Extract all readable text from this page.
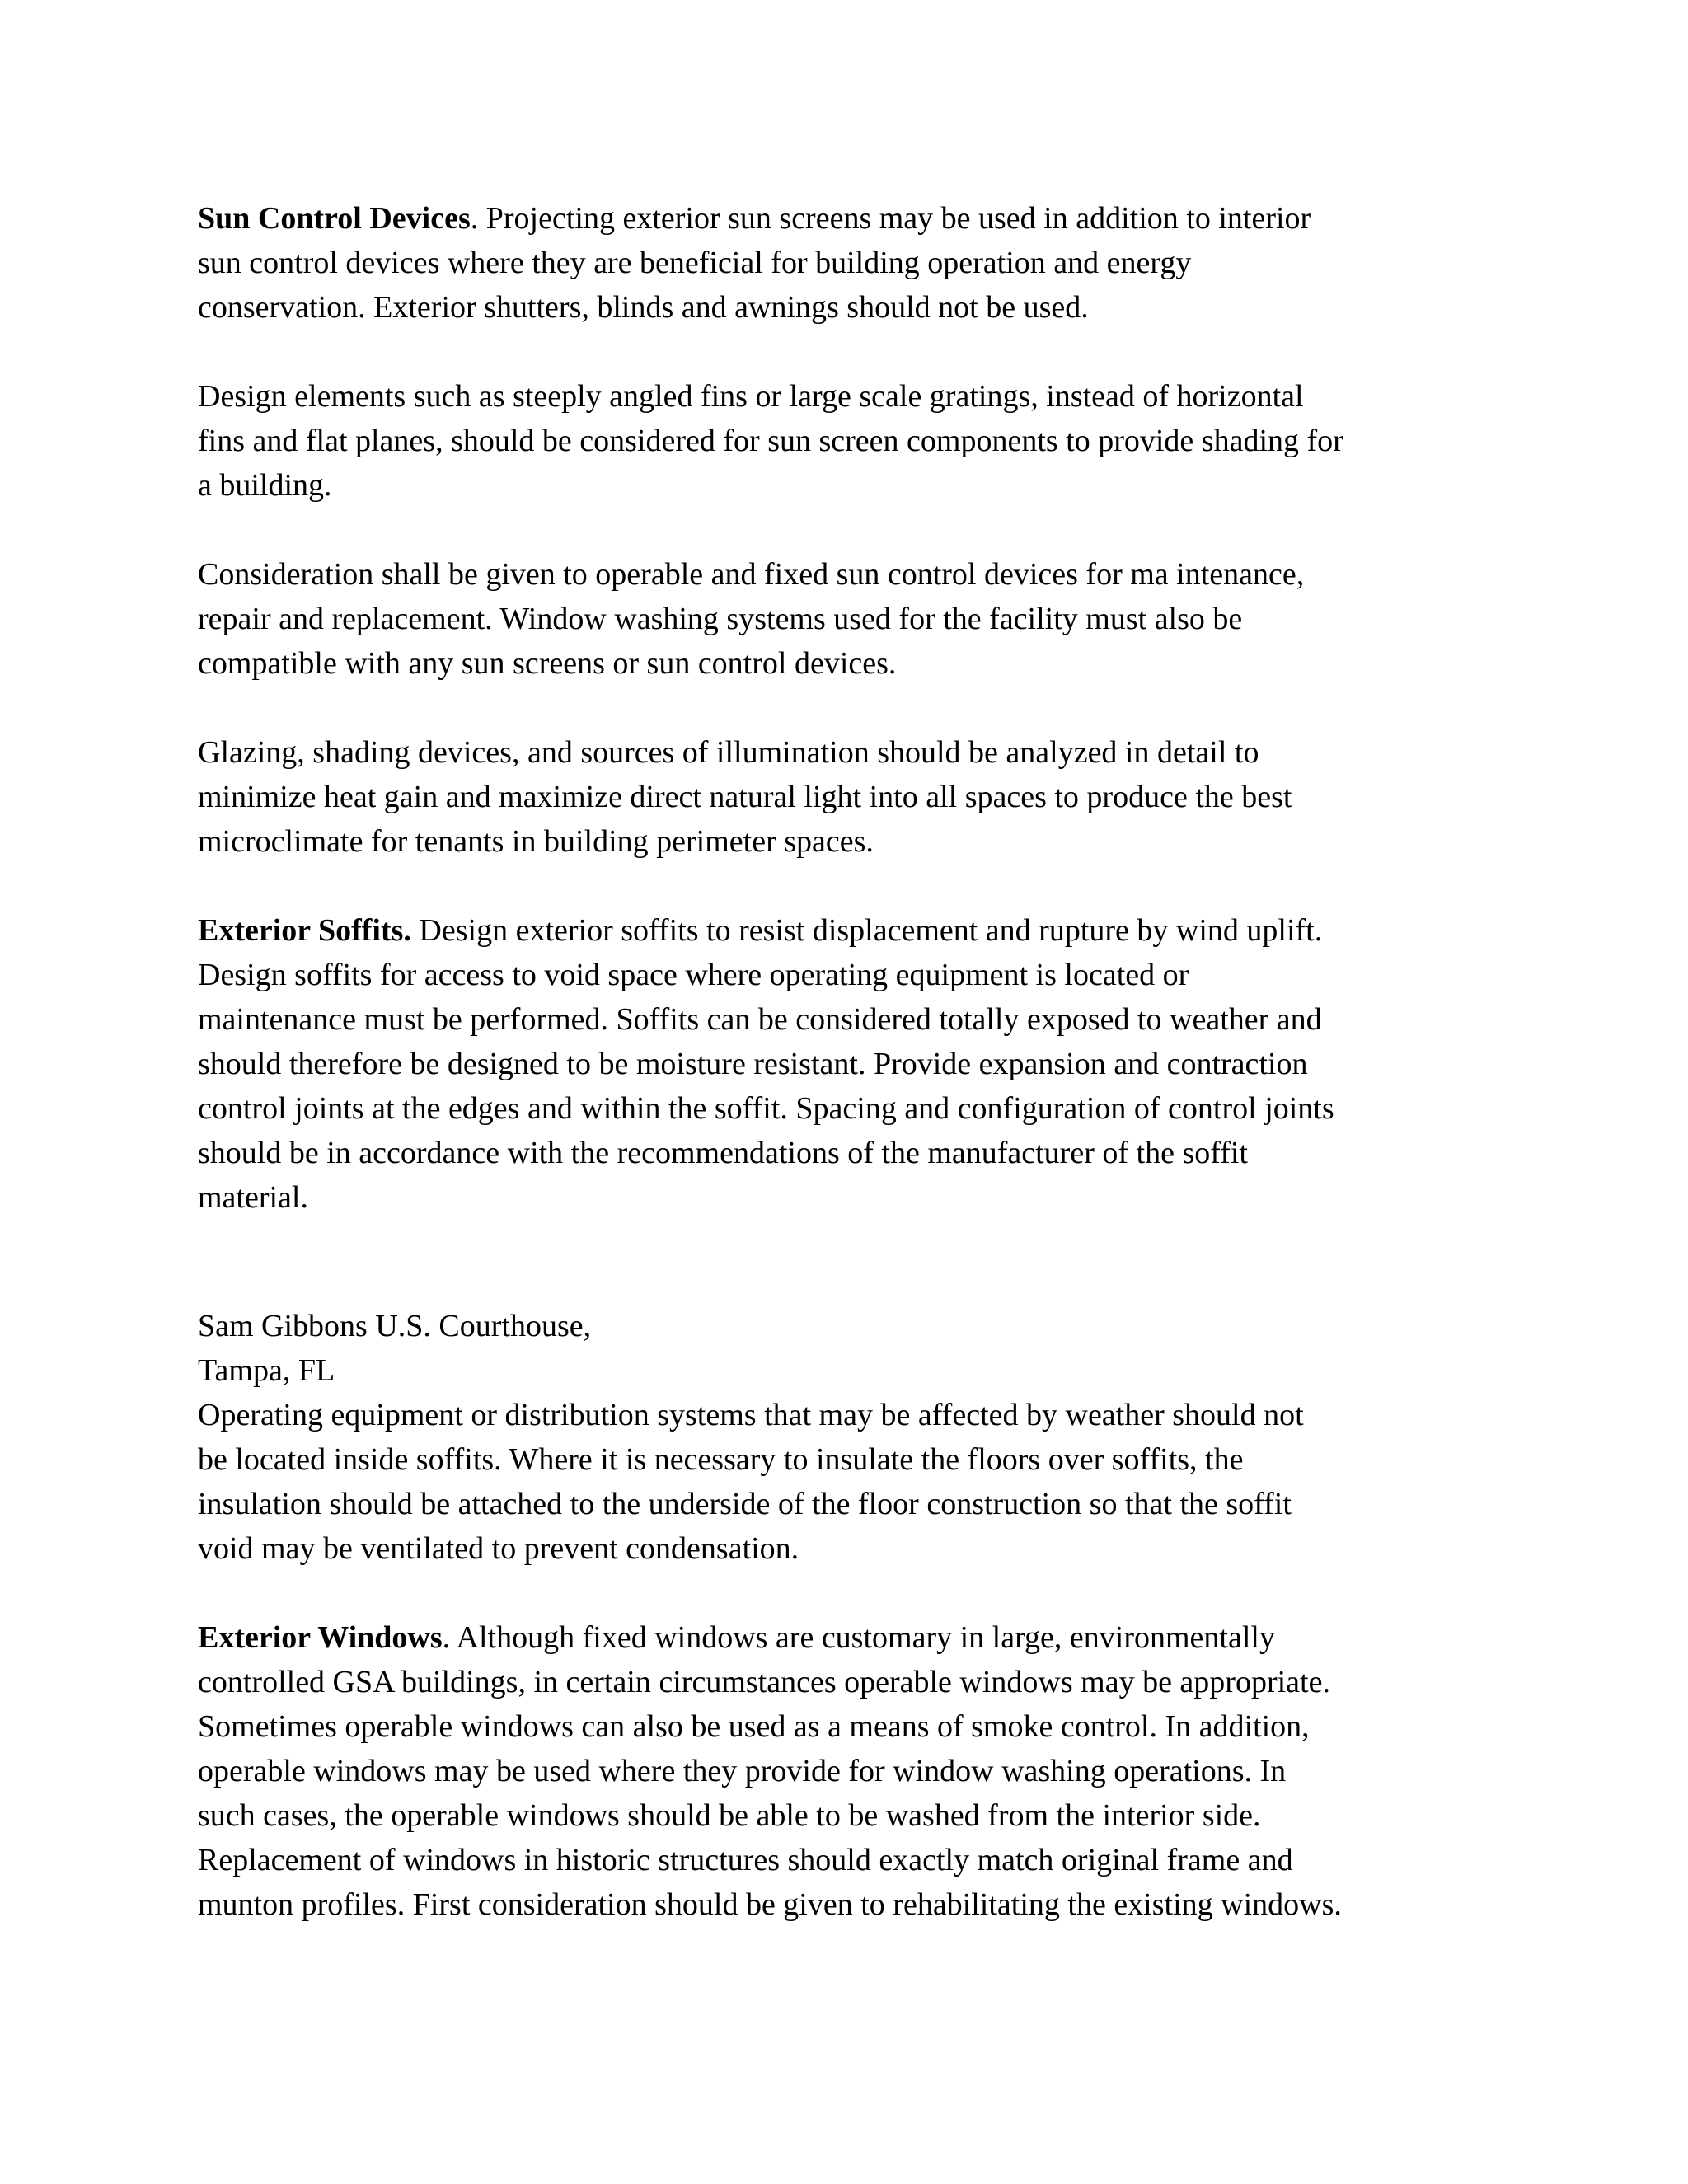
Sun Control Devices. Projecting exterior sun screens may be used in addition to interior
sun control devices where they are beneficial for building operation and energy
conservation. Exterior shutters, blinds and awnings should not be used.
Design elements such as steeply angled fins or large scale gratings, instead of horizontal
fins and flat planes, should be considered for sun screen components to provide shading for
a building.
Consideration shall be given to operable and fixed sun control devices for ma intenance,
repair and replacement. Window washing systems used for the facility must also be
compatible with any sun screens or sun control devices.
Glazing, shading devices, and sources of illumination should be analyzed in detail to
minimize heat gain and maximize direct natural light into all spaces to produce the best
microclimate for tenants in building perimeter spaces.
Exterior Soffits. Design exterior soffits to resist displacement and rupture by wind uplift.
Design soffits for access to void space where operating equipment is located or
maintenance must be performed. Soffits can be considered totally exposed to weather and
should therefore be designed to be moisture resistant. Provide expansion and contraction
control joints at the edges and within the soffit. Spacing and configuration of control joints
should be in accordance with the recommendations of the manufacturer of the soffit
material.
Sam Gibbons U.S. Courthouse,
Tampa, FL
Operating equipment or distribution systems that may be affected by weather should not
be located inside soffits. Where it is necessary to insulate the floors over soffits, the
insulation should be attached to the underside of the floor construction so that the soffit
void may be ventilated to prevent condensation.
Exterior Windows. Although fixed windows are customary in large, environmentally
controlled GSA buildings, in certain circumstances operable windows may be appropriate.
Sometimes operable windows can also be used as a means of smoke control. In addition,
operable windows may be used where they provide for window washing operations. In
such cases, the operable windows should be able to be washed from the interior side.
Replacement of windows in historic structures should exactly match original frame and
munton profiles. First consideration should be given to rehabilitating the existing windows.
